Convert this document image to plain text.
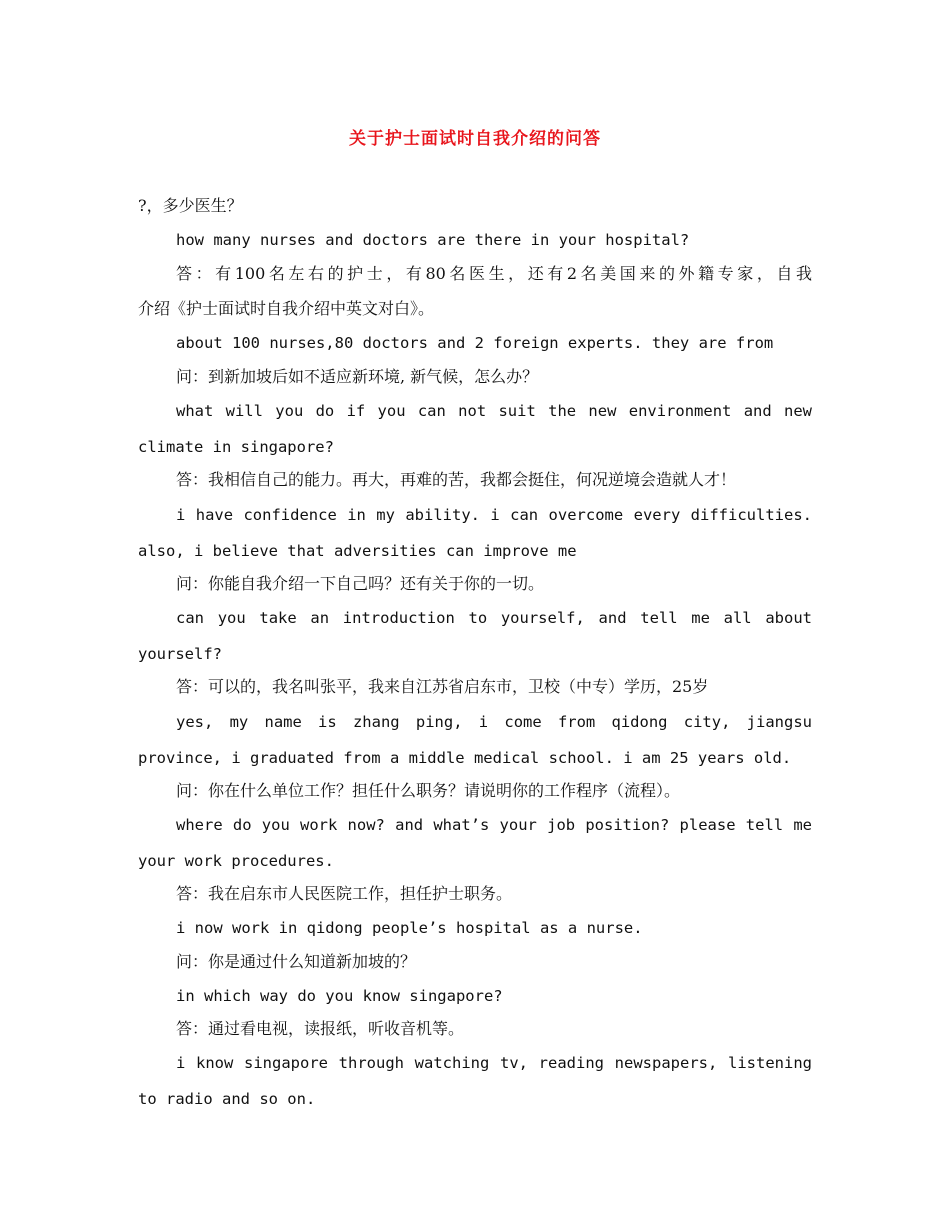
关于护士面试时自我介绍的问答
?，多少医生？
how many nurses and doctors are there in your hospital?
答：有100名左右的护士，有80名医生，还有2名美国来的外籍专家，自我
介绍《护士面试时自我介绍中英文对白》。
about 100 nurses,80 doctors and 2 foreign experts. they are from
问：到新加坡后如不适应新环境, 新气候，怎么办？
what will you do if you can not suit the new environment and new
climate in singapore?
答：我相信自己的能力。再大，再难的苦，我都会挺住，何况逆境会造就人才！
i have confidence in my ability. i can overcome every difficulties.
also, i believe that adversities can improve me
问：你能自我介绍一下自己吗？还有关于你的一切。
can you take an introduction to yourself, and tell me all about
yourself?
答：可以的，我名叫张平，我来自江苏省启东市，卫校（中专）学历，25岁
yes, my name is zhang ping, i come from qidong city, jiangsu
province, i graduated from a middle medical school. i am 25 years old.
问：你在什么单位工作？担任什么职务？请说明你的工作程序（流程）。
where do you work now? and what’s your job position? please tell me
your work procedures.
答：我在启东市人民医院工作，担任护士职务。
i now work in qidong people’s hospital as a nurse.
问：你是通过什么知道新加坡的？
in which way do you know singapore?
答：通过看电视，读报纸，听收音机等。
i know singapore through watching tv, reading newspapers, listening
to radio and so on.
